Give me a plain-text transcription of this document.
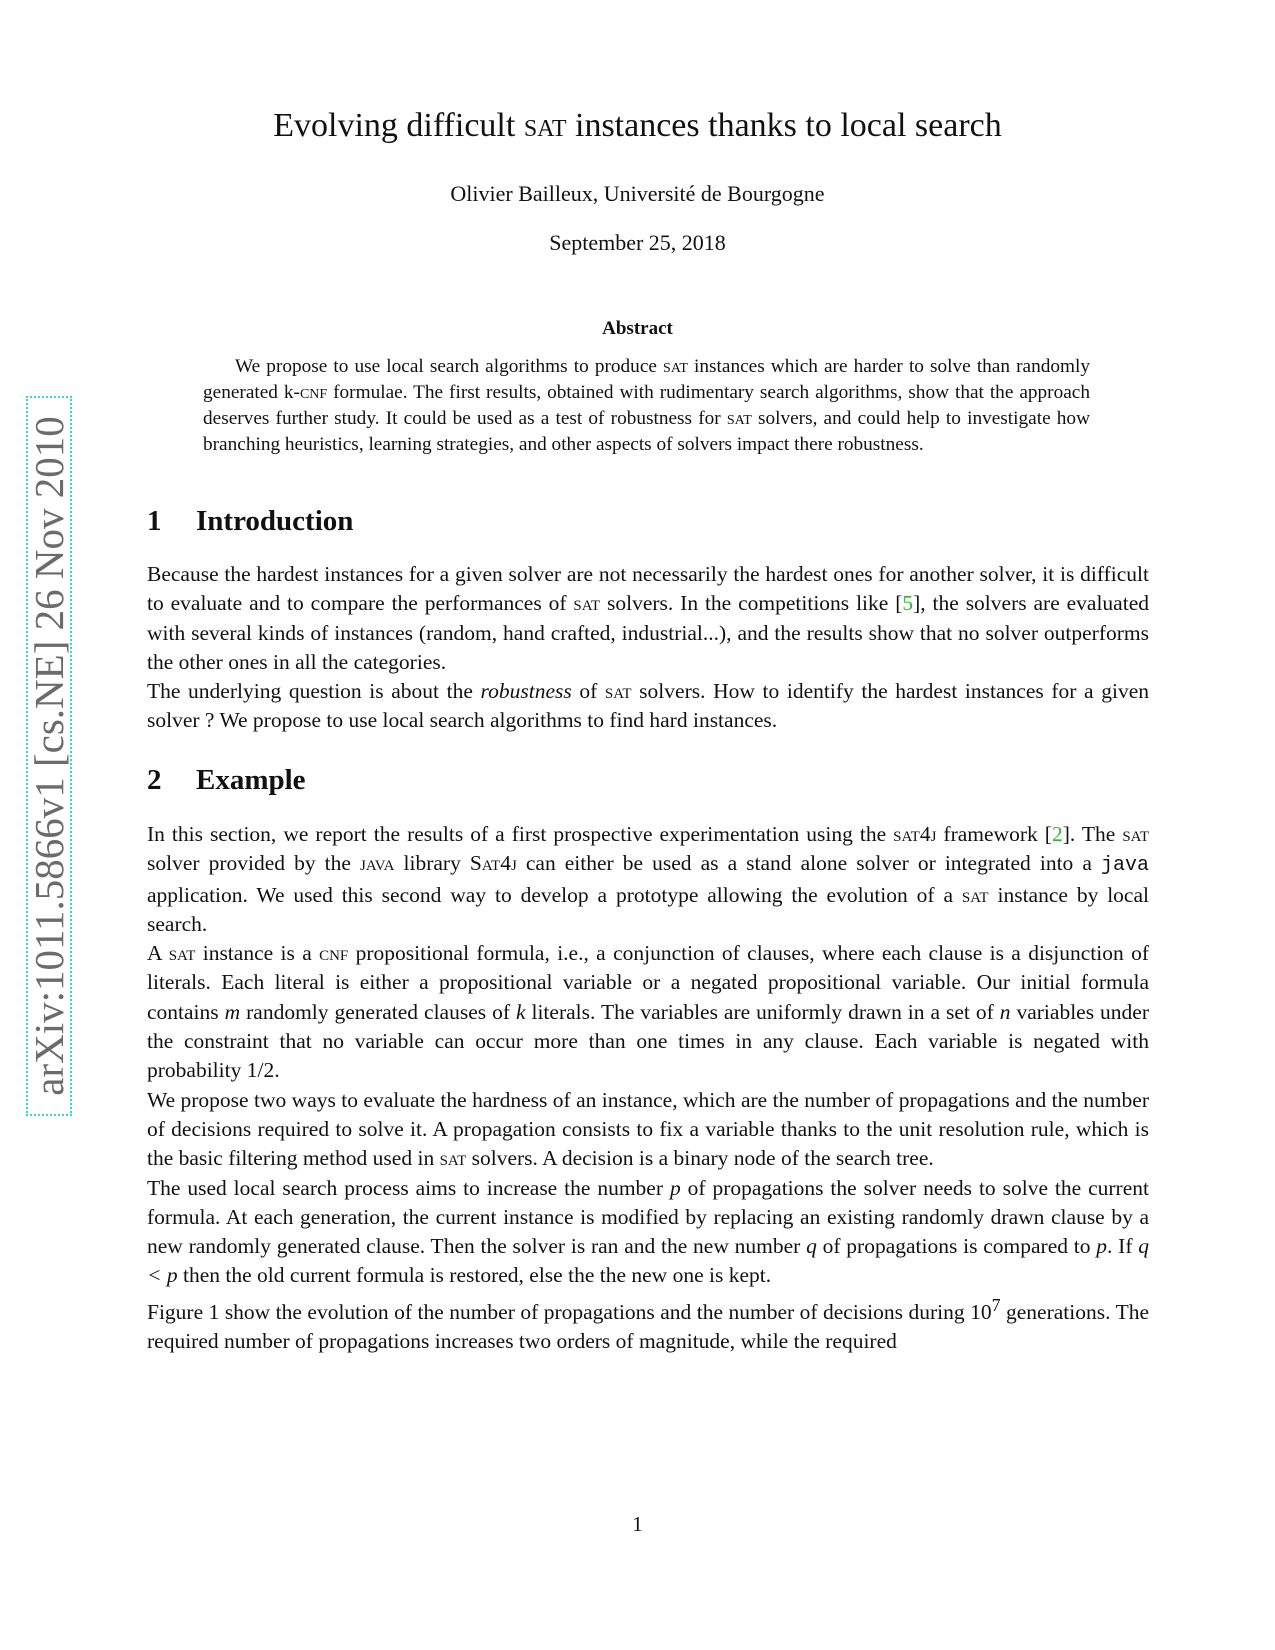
arXiv:1011.5866v1 [cs.NE] 26 Nov 2010
Evolving difficult sat instances thanks to local search
Olivier Bailleux, Université de Bourgogne
September 25, 2018
Abstract

We propose to use local search algorithms to produce sat instances which are harder to solve than randomly generated k-cnf formulae. The first results, obtained with rudimentary search algorithms, show that the approach deserves further study. It could be used as a test of robustness for sat solvers, and could help to investigate how branching heuristics, learning strategies, and other aspects of solvers impact there robustness.

1 Introduction

Because the hardest instances for a given solver are not necessarily the hardest ones for another solver, it is difficult to evaluate and to compare the performances of sat solvers. In the competitions like [5], the solvers are evaluated with several kinds of instances (random, hand crafted, industrial...), and the results show that no solver outperforms the other ones in all the categories.

The underlying question is about the robustness of sat solvers. How to identify the hardest instances for a given solver ? We propose to use local search algorithms to find hard instances.

2 Example

In this section, we report the results of a first prospective experimentation using the sat4j framework [2]. The sat solver provided by the java library Sat4j can either be used as a stand alone solver or integrated into a java application. We used this second way to develop a prototype allowing the evolution of a sat instance by local search.

A sat instance is a cnf propositional formula, i.e., a conjunction of clauses, where each clause is a disjunction of literals. Each literal is either a propositional variable or a negated propositional variable. Our initial formula contains m randomly generated clauses of k literals. The variables are uniformly drawn in a set of n variables under the constraint that no variable can occur more than one times in any clause. Each variable is negated with probability 1/2.

We propose two ways to evaluate the hardness of an instance, which are the number of propagations and the number of decisions required to solve it. A propagation consists to fix a variable thanks to the unit resolution rule, which is the basic filtering method used in sat solvers. A decision is a binary node of the search tree.

The used local search process aims to increase the number p of propagations the solver needs to solve the current formula. At each generation, the current instance is modified by replacing an existing randomly drawn clause by a new randomly generated clause. Then the solver is ran and the new number q of propagations is compared to p. If q < p then the old current formula is restored, else the the new one is kept.

Figure 1 show the evolution of the number of propagations and the number of decisions during $10^7$ generations. The required number of propagations increases two orders of magnitude, while the required

1
